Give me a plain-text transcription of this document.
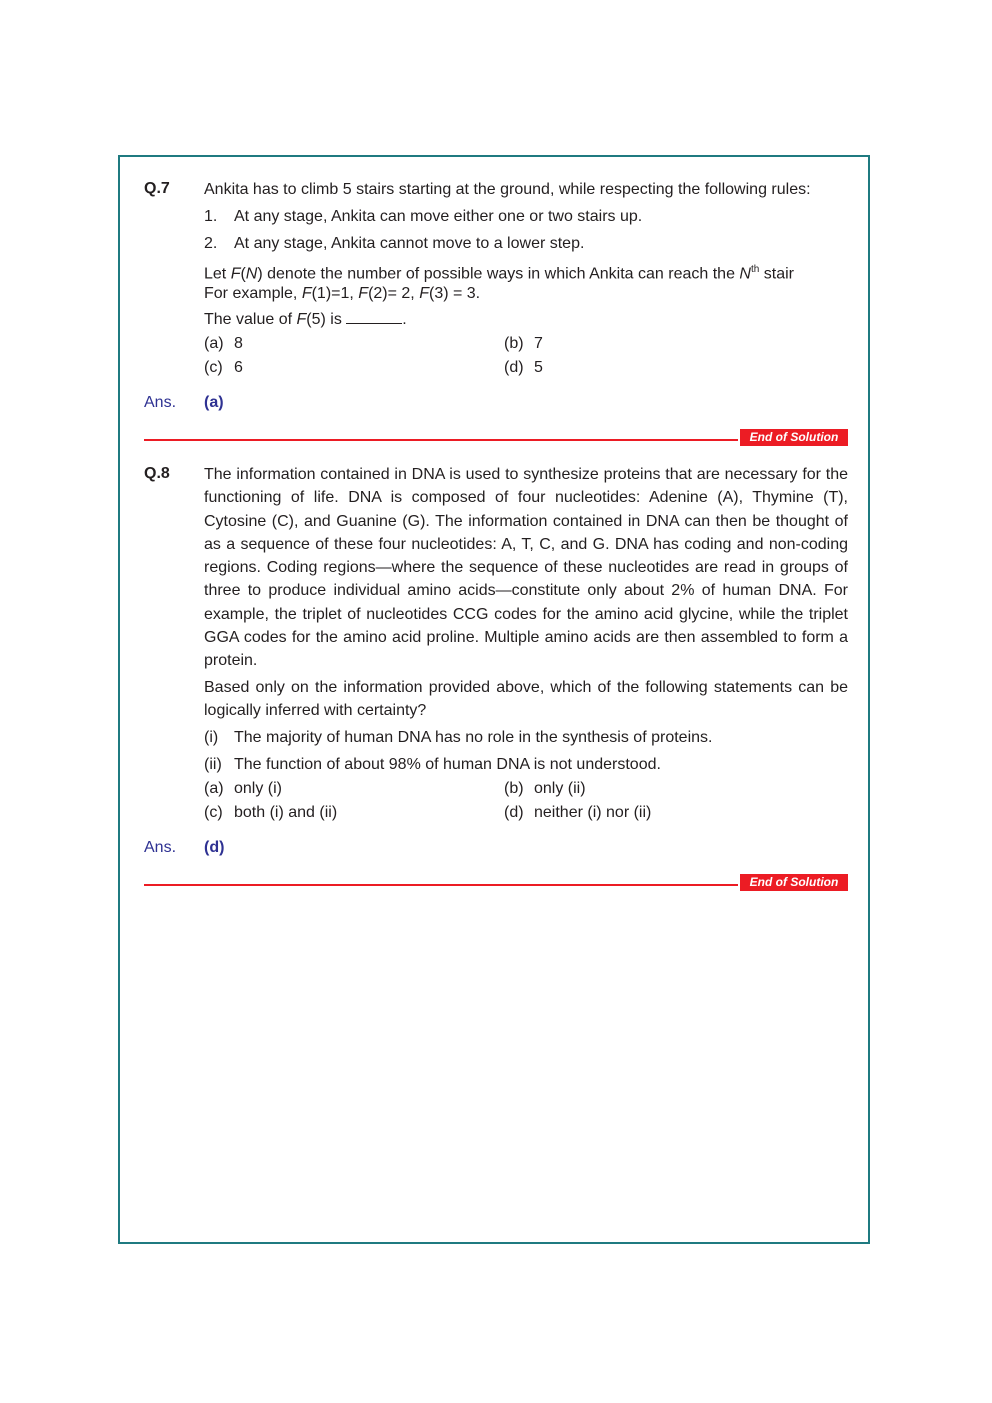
Q.7 Ankita has to climb 5 stairs starting at the ground, while respecting the following rules:
1. At any stage, Ankita can move either one or two stairs up.
2. At any stage, Ankita cannot move to a lower step.
Let F(N) denote the number of possible ways in which Ankita can reach the $N^{th}$ stair
For example, F(1)=1, F(2)= 2, F(3) = 3.
The value of F(5) is	.
(a) 8	(b) 7
(c) 6	(d) 5
Ans. (a)
End of Solution
Q.8 The information contained in DNA is used to synthesize proteins that are necessary for the functioning of life. DNA is composed of four nucleotides: Adenine (A), Thymine (T), Cytosine (C), and Guanine (G). The information contained in DNA can then be thought of as a sequence of these four nucleotides: A, T, C, and G. DNA has coding and non-coding regions. Coding regions—where the sequence of these nucleotides are read in groups of three to produce individual amino acids—constitute only about 2% of human DNA. For example, the triplet of nucleotides CCG codes for the amino acid glycine, while the triplet GGA codes for the amino acid proline. Multiple amino acids are then assembled to form a protein.
Based only on the information provided above, which of the following statements can be logically inferred with certainty?
(i) The majority of human DNA has no role in the synthesis of proteins.
(ii) The function of about 98% of human DNA is not understood.
(a) only (i)	(b) only (ii)
(c) both (i) and (ii)	(d) neither (i) nor (ii)
Ans. (d)
End of Solution
